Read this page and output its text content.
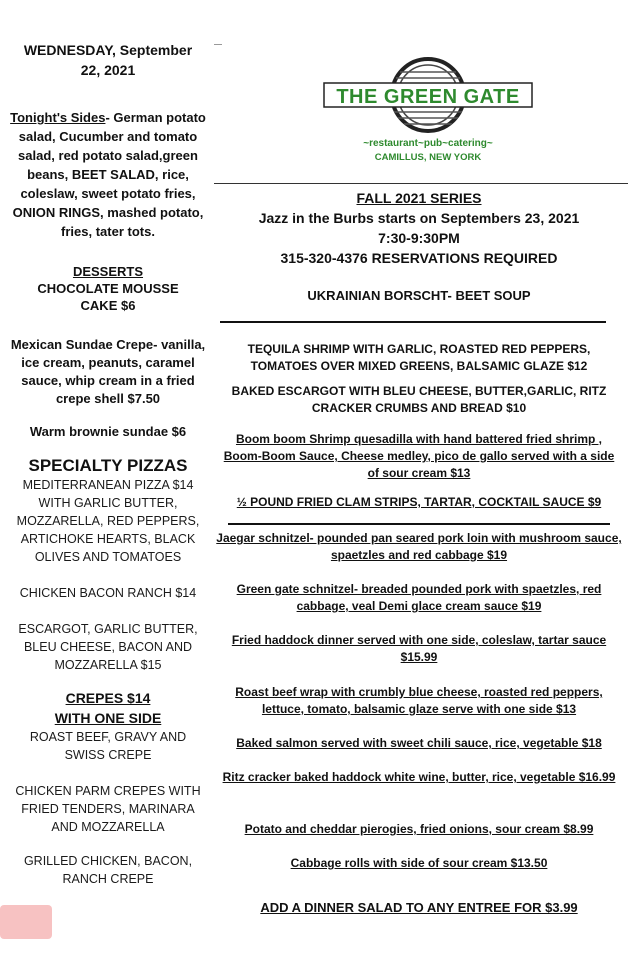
WEDNESDAY, September

22, 2021

Tonight's Sides- German potato salad, Cucumber and tomato salad, red potato salad,green beans, BEET SALAD, rice, coleslaw, sweet potato fries, ONION RINGS, mashed potato, fries, tater tots.

DESSERTS

CHOCOLATE MOUSSE

CAKE $6

Mexican Sundae Crepe- vanilla, ice cream, peanuts, caramel sauce, whip cream in a fried crepe shell $7.50

Warm brownie sundae $6

SPECIALTY PIZZAS

MEDITERRANEAN PIZZA $14 WITH GARLIC BUTTER, MOZZARELLA, RED PEPPERS, ARTICHOKE HEARTS, BLACK OLIVES AND TOMATOES

CHICKEN BACON RANCH $14

ESCARGOT, GARLIC BUTTER, BLEU CHEESE, BACON AND MOZZARELLA $15

CREPES $14

WITH ONE SIDE

ROAST BEEF, GRAVY AND SWISS CREPE

CHICKEN PARM CREPES WITH FRIED TENDERS, MARINARA AND MOZZARELLA

GRILLED CHICKEN, BACON, RANCH CREPE

THE GREEN GATE
~restaurant~pub~catering~
CAMILLUS, NEW YORK

FALL 2021 SERIES

Jazz in the Burbs starts on Septembers 23, 2021

7:30-9:30PM

315-320-4376 RESERVATIONS REQUIRED

UKRAINIAN BORSCHT- BEET SOUP

TEQUILA SHRIMP WITH GARLIC, ROASTED RED PEPPERS, TOMATOES OVER MIXED GREENS, BALSAMIC GLAZE $12

BAKED ESCARGOT WITH BLEU CHEESE, BUTTER,GARLIC, RITZ CRACKER CRUMBS AND BREAD $10

Boom boom Shrimp quesadilla with hand battered fried shrimp , Boom-Boom Sauce, Cheese medley, pico de gallo served with a side of sour cream $13

½ POUND FRIED CLAM STRIPS, TARTAR, COCKTAIL SAUCE $9

Jaegar schnitzel- pounded pan seared pork loin with mushroom sauce, spaetzles and red cabbage $19

Green gate schnitzel- breaded pounded pork with spaetzles, red cabbage, veal Demi glace cream sauce $19

Fried haddock dinner served with one side, coleslaw, tartar sauce $15.99

Roast beef wrap with crumbly blue cheese, roasted red peppers, lettuce, tomato, balsamic glaze serve with one side $13

Baked salmon served with sweet chili sauce, rice, vegetable $18

Ritz cracker baked haddock white wine, butter, rice, vegetable $16.99

Potato and cheddar pierogies, fried onions, sour cream $8.99

Cabbage rolls with side of sour cream $13.50

ADD A DINNER SALAD TO ANY ENTREE FOR $3.99
